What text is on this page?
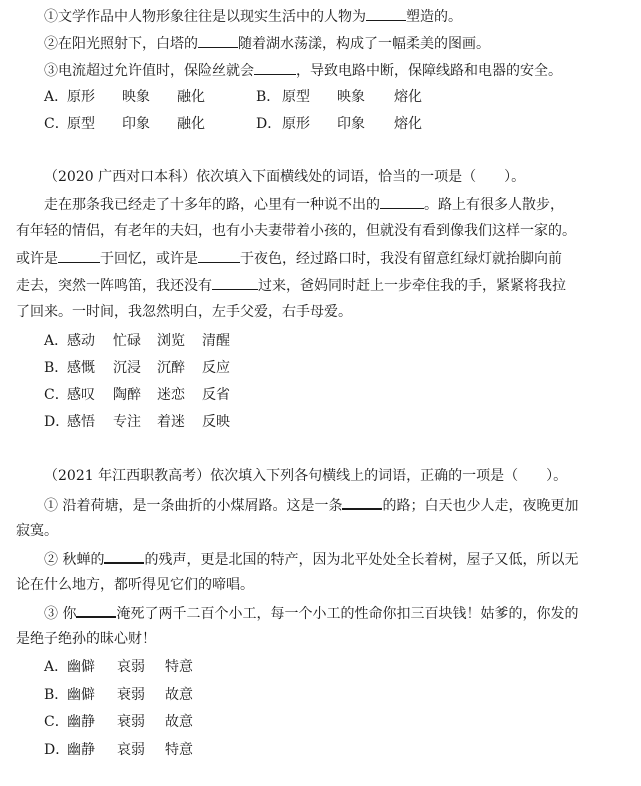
①文学作品中人物形象往往是以现实生活中的人物为	塑造的。
②在阳光照射下，白塔的	随着湖水荡漾，构成了一幅柔美的图画。
③电流超过允许值时，保险丝就会	，导致电路中断，保障线路和电器的安全。
A．
原形 映象 融化	B． 原型 映象 熔化
C．
原型 印象 融化	D． 原形 印象 熔化
（2020 广西对口本科）依次填入下面横线处的词语，恰当的一项是（　　）。
走在那条我已经走了十多年的路，心里有一种说不出的	。路上有很多人散步，
有年轻的情侣，有老年的夫妇，也有小夫妻带着小孩的，但就没有看到像我们这样一家的。
或许是	于回忆，或许是	于夜色，经过路口时，我没有留意红绿灯就抬脚向前
走去，突然一阵鸣笛，我还没有	过来，爸妈同时赶上一步牵住我的手，紧紧将我拉
了回来。一时间，我忽然明白，左手父爱，右手母爱。
A．
感动 忙碌 浏览 清醒
B．
感慨 沉浸 沉醉 反应
C．
感叹 陶醉 迷恋 反省
D．
感悟 专注 着迷 反映
（2021 年江西职教高考）依次填入下列各句横线上的词语，正确的一项是（　　）。
① 沿着荷塘，是一条曲折的小煤屑路。这是一条	的路；白天也少人走，夜晚更加
寂寞。
② 秋蝉的	的残声，更是北国的特产，因为北平处处全长着树，屋子又低，所以无
论在什么地方，都听得见它们的啼唱。
③ 你	淹死了两千二百个小工，每一个小工的性命你扣三百块钱！姑爹的，你发的
是绝子绝孙的昧心财！
A．
幽僻 哀弱 特意
B．
幽僻 衰弱 故意
C．
幽静 衰弱 故意
D．
幽静 哀弱 特意
